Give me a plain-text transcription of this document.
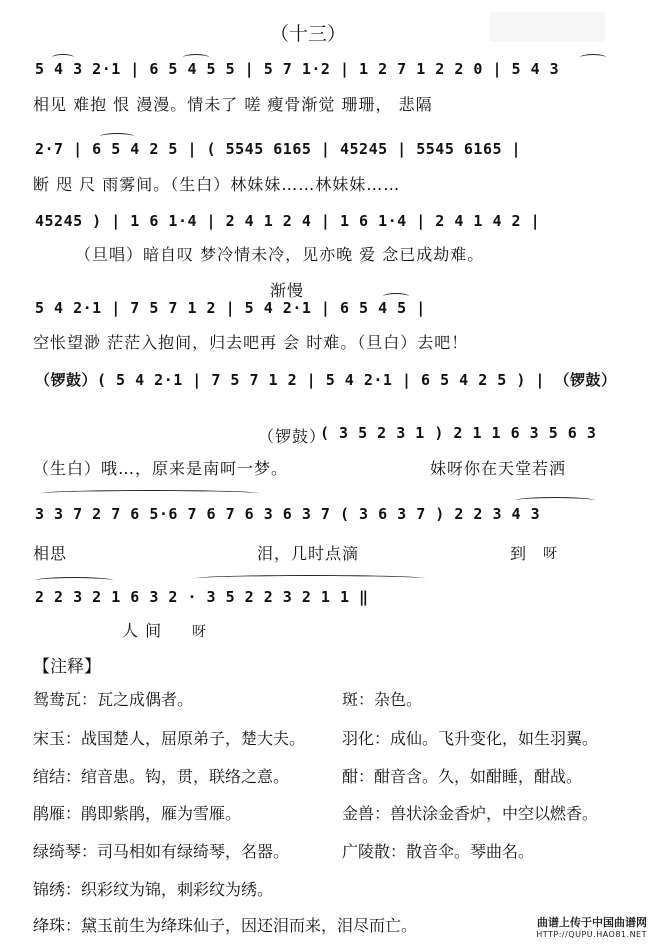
（十三）
5 4 3 2·1 | 6 5 4 5 5 | 5 7 1·2 | 1 2 7 1 2 2 0 | 5 4 3
相见 难抱 恨 漫漫。情未了 嗟 瘦骨渐觉 珊珊， 悲隔
2·7 | 6 5 4 2 5 | ( 5545 6165 | 45245 | 5545 6165 |
断 咫 尺 雨雾间。（生白）林妹妹……林妹妹……
45245 ) | 1 6 1·4 | 2 4 1 2 4 | 1 6 1·4 | 2 4 1 4 2 |
（旦唱）暗自叹 梦冷情未冷，见亦晚 爱 念已成劫难。
渐慢
5 4 2·1 | 7 5 7 1 2 | 5 4 2·1 | 6 5 4 5 |
空怅望渺 茫茫入抱间，归去吧再 会 时难。（旦白）去吧！
（锣鼓）( 5 4 2·1 | 7 5 7 1 2 | 5 4 2·1 | 6 5 4 2 5 ) | （锣鼓）
（锣鼓）
( 3 5 2 3 1 ) 2 1 1 6 3 5 6 3
（生白）哦…，原来是南呵一梦。	妹呀你在天堂若洒
3 3 7 2 7 6 5·6 7 6 7 6 3 6 3 7 ( 3 6 3 7 ) 2 2 3 4 3
相思	泪，几时点滴	到 呀
2 2 3 2 1 6 3 2 · 3 5 2 2 3 2 1 1 ‖
人 间 呀
【注释】
鸳鸯瓦：瓦之成偶者。	斑：杂色。
宋玉：战国楚人，屈原弟子，楚大夫。 羽化：成仙。飞升变化，如生羽翼。
绾结：绾音患。钩，贯，联络之意。	酣：酣音含。久，如酣睡，酣战。
鹃雁：鹃即紫鹃，雁为雪雁。	金兽：兽状涂金香炉，中空以燃香。
绿绮琴：司马相如有绿绮琴，名器。	广陵散：散音伞。琴曲名。
锦绣：织彩纹为锦，刺彩纹为绣。
绛珠：黛玉前生为绛珠仙子，因还泪而来，泪尽而亡。	曲谱上传于中国曲谱网
HTTP://QUPU.HAO81.NET
